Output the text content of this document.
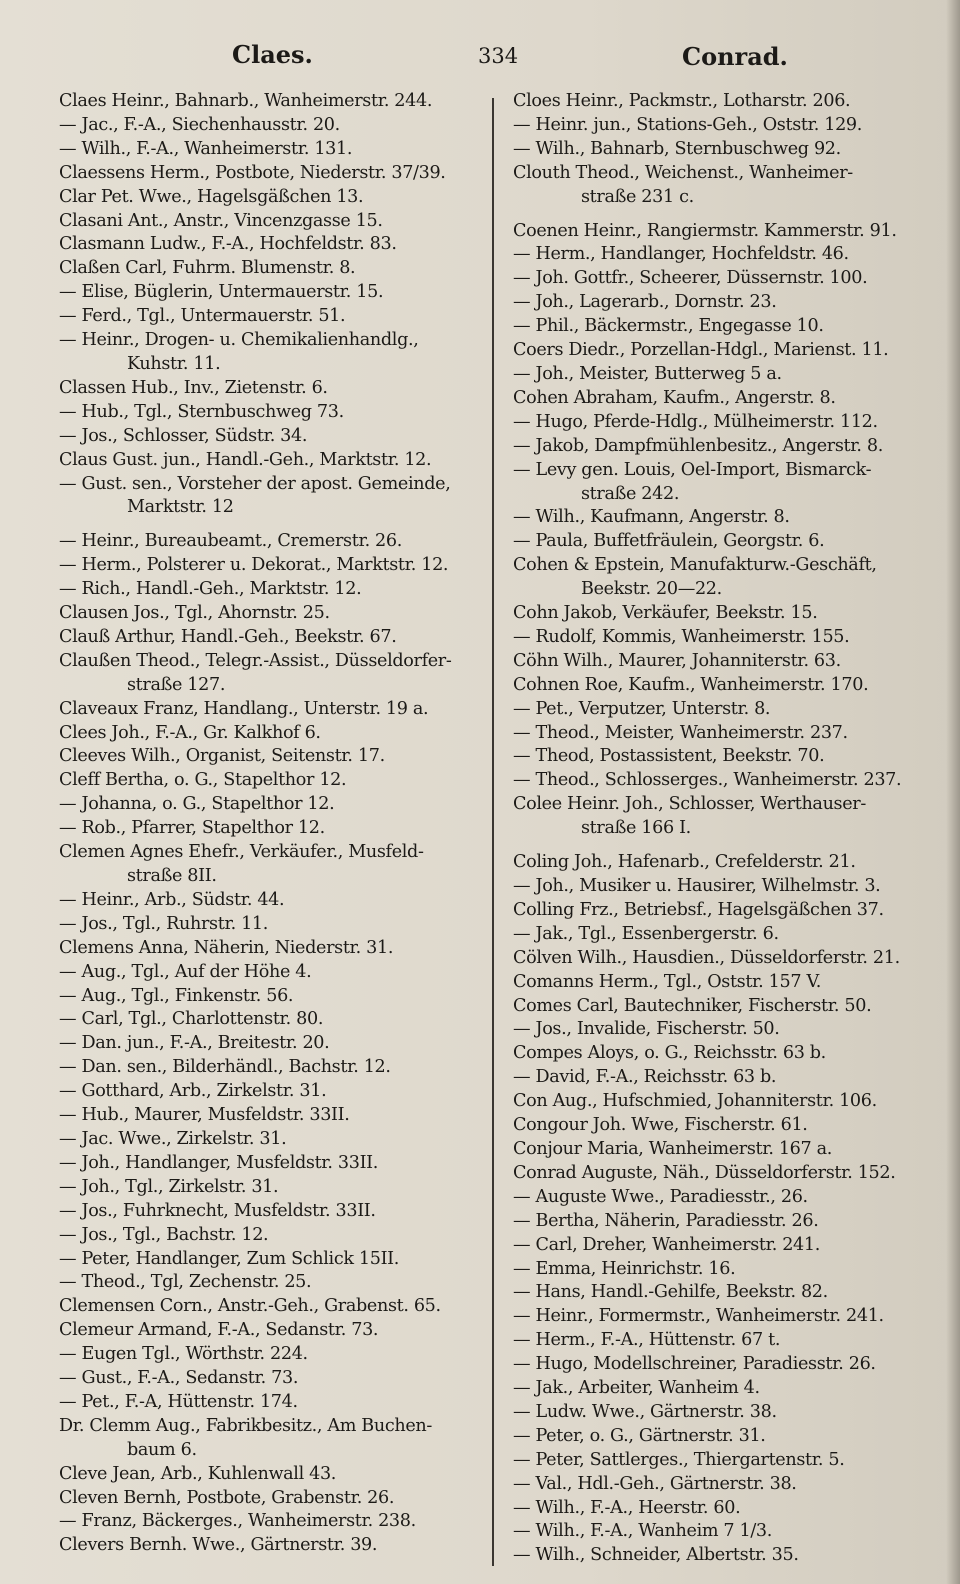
Claes.	334	Conrad.
Claes Heinr., Bahnarb., Wanheimerstr. 244.
— Jac., F.-A., Siechenhausstr. 20.
— Wilh., F.-A., Wanheimerstr. 131.
Claessens Herm., Postbote, Niederstr. 37/39.
Clar Pet. Wwe., Hagelsgäßchen 13.
Clasani Ant., Anstr., Vincenzgasse 15.
Clasmann Ludw., F.-A., Hochfeldstr. 83.
Claßen Carl, Fuhrm. Blumenstr. 8.
— Elise, Büglerin, Untermauerstr. 15.
— Ferd., Tgl., Untermauerstr. 51.
— Heinr., Drogen- u. Chemikalienhandlg.,
Kuhstr. 11.
Classen Hub., Inv., Zietenstr. 6.
— Hub., Tgl., Sternbuschweg 73.
— Jos., Schlosser, Südstr. 34.
Claus Gust. jun., Handl.-Geh., Marktstr. 12.
— Gust. sen., Vorsteher der apost. Gemeinde,
Marktstr. 12
— Heinr., Bureaubeamt., Cremerstr. 26.
— Herm., Polsterer u. Dekorat., Marktstr. 12.
— Rich., Handl.-Geh., Marktstr. 12.
Clausen Jos., Tgl., Ahornstr. 25.
Clauß Arthur, Handl.-Geh., Beekstr. 67.
Claußen Theod., Telegr.-Assist., Düsseldorfer-
straße 127.
Claveaux Franz, Handlang., Unterstr. 19 a.
Clees Joh., F.-A., Gr. Kalkhof 6.
Cleeves Wilh., Organist, Seitenstr. 17.
Cleff Bertha, o. G., Stapelthor 12.
— Johanna, o. G., Stapelthor 12.
— Rob., Pfarrer, Stapelthor 12.
Clemen Agnes Ehefr., Verkäufer., Musfeld-
straße 8II.
— Heinr., Arb., Südstr. 44.
— Jos., Tgl., Ruhrstr. 11.
Clemens Anna, Näherin, Niederstr. 31.
— Aug., Tgl., Auf der Höhe 4.
— Aug., Tgl., Finkenstr. 56.
— Carl, Tgl., Charlottenstr. 80.
— Dan. jun., F.-A., Breitestr. 20.
— Dan. sen., Bilderhändl., Bachstr. 12.
— Gotthard, Arb., Zirkelstr. 31.
— Hub., Maurer, Musfeldstr. 33II.
— Jac. Wwe., Zirkelstr. 31.
— Joh., Handlanger, Musfeldstr. 33II.
— Joh., Tgl., Zirkelstr. 31.
— Jos., Fuhrknecht, Musfeldstr. 33II.
— Jos., Tgl., Bachstr. 12.
— Peter, Handlanger, Zum Schlick 15II.
— Theod., Tgl, Zechenstr. 25.
Clemensen Corn., Anstr.-Geh., Grabenst. 65.
Clemeur Armand, F.-A., Sedanstr. 73.
— Eugen Tgl., Wörthstr. 224.
— Gust., F.-A., Sedanstr. 73.
— Pet., F.-A, Hüttenstr. 174.
Dr. Clemm Aug., Fabrikbesitz., Am Buchen-
baum 6.
Cleve Jean, Arb., Kuhlenwall 43.
Cleven Bernh, Postbote, Grabenstr. 26.
— Franz, Bäckerges., Wanheimerstr. 238.
Clevers Bernh. Wwe., Gärtnerstr. 39.
Cloes Heinr., Packmstr., Lotharstr. 206.
— Heinr. jun., Stations-Geh., Oststr. 129.
— Wilh., Bahnarb, Sternbuschweg 92.
Clouth Theod., Weichenst., Wanheimer-
straße 231 c.
Coenen Heinr., Rangiermstr. Kammerstr. 91.
— Herm., Handlanger, Hochfeldstr. 46.
— Joh. Gottfr., Scheerer, Düssernstr. 100.
— Joh., Lagerarb., Dornstr. 23.
— Phil., Bäckermstr., Engegasse 10.
Coers Diedr., Porzellan-Hdgl., Marienst. 11.
— Joh., Meister, Butterweg 5 a.
Cohen Abraham, Kaufm., Angerstr. 8.
— Hugo, Pferde-Hdlg., Mülheimerstr. 112.
— Jakob, Dampfmühlenbesitz., Angerstr. 8.
— Levy gen. Louis, Oel-Import, Bismarck-
straße 242.
— Wilh., Kaufmann, Angerstr. 8.
— Paula, Buffetfräulein, Georgstr. 6.
Cohen & Epstein, Manufakturw.-Geschäft,
Beekstr. 20—22.
Cohn Jakob, Verkäufer, Beekstr. 15.
— Rudolf, Kommis, Wanheimerstr. 155.
Cöhn Wilh., Maurer, Johanniterstr. 63.
Cohnen Roe, Kaufm., Wanheimerstr. 170.
— Pet., Verputzer, Unterstr. 8.
— Theod., Meister, Wanheimerstr. 237.
— Theod, Postassistent, Beekstr. 70.
— Theod., Schlosserges., Wanheimerstr. 237.
Colee Heinr. Joh., Schlosser, Werthauser-
straße 166 I.
Coling Joh., Hafenarb., Crefelderstr. 21.
— Joh., Musiker u. Hausirer, Wilhelmstr. 3.
Colling Frz., Betriebsf., Hagelsgäßchen 37.
— Jak., Tgl., Essenbergerstr. 6.
Cölven Wilh., Hausdien., Düsseldorferstr. 21.
Comanns Herm., Tgl., Oststr. 157 V.
Comes Carl, Bautechniker, Fischerstr. 50.
— Jos., Invalide, Fischerstr. 50.
Compes Aloys, o. G., Reichsstr. 63 b.
— David, F.-A., Reichsstr. 63 b.
Con Aug., Hufschmied, Johanniterstr. 106.
Congour Joh. Wwe, Fischerstr. 61.
Conjour Maria, Wanheimerstr. 167 a.
Conrad Auguste, Näh., Düsseldorferstr. 152.
— Auguste Wwe., Paradiesstr., 26.
— Bertha, Näherin, Paradiesstr. 26.
— Carl, Dreher, Wanheimerstr. 241.
— Emma, Heinrichstr. 16.
— Hans, Handl.-Gehilfe, Beekstr. 82.
— Heinr., Formermstr., Wanheimerstr. 241.
— Herm., F.-A., Hüttenstr. 67 t.
— Hugo, Modellschreiner, Paradiesstr. 26.
— Jak., Arbeiter, Wanheim 4.
— Ludw. Wwe., Gärtnerstr. 38.
— Peter, o. G., Gärtnerstr. 31.
— Peter, Sattlerges., Thiergartenstr. 5.
— Val., Hdl.-Geh., Gärtnerstr. 38.
— Wilh., F.-A., Heerstr. 60.
— Wilh., F.-A., Wanheim 7 1/3.
— Wilh., Schneider, Albertstr. 35.
